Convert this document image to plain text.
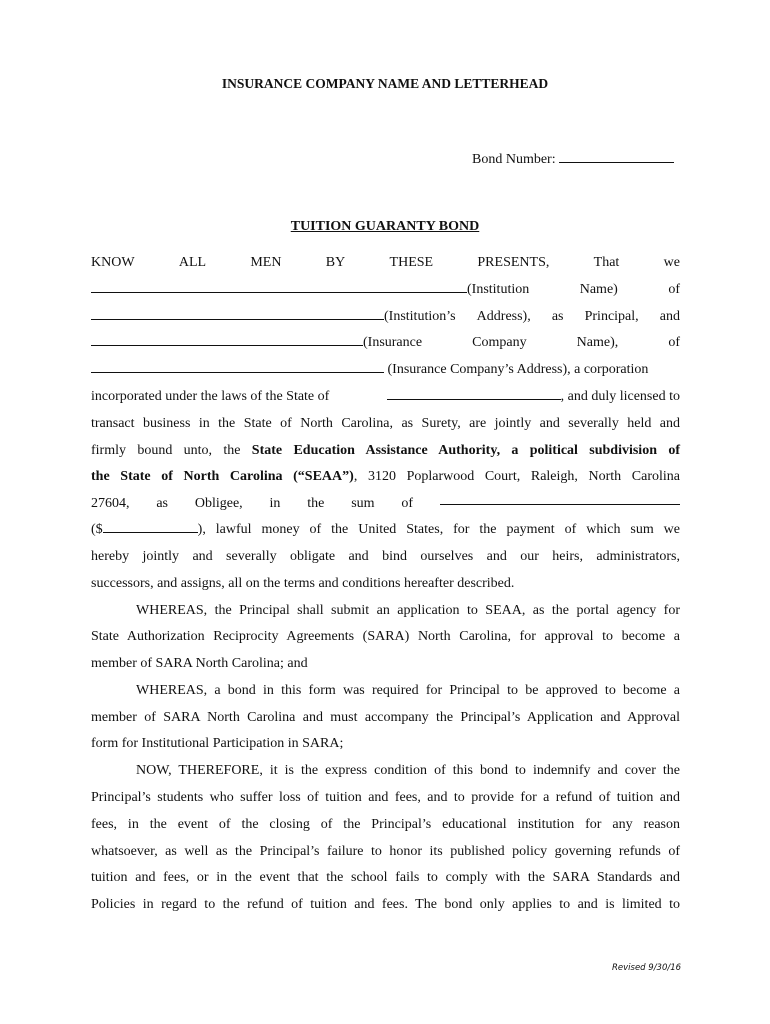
INSURANCE COMPANY NAME AND LETTERHEAD
Bond Number:
TUITION GUARANTY BOND
KNOW	ALL	MEN	BY	THESE	PRESENTS,	That	we
(Institution	Name)	of
(Institution’s Address), as Principal, and
(Insurance	Company	Name),	of
(Insurance Company’s Address), a corporation
incorporated under the laws of the State of	, and duly licensed to
transact business in the State of North Carolina, as Surety, are jointly and severally held and
firmly bound unto, the State Education Assistance Authority, a political subdivision of
the State of North Carolina (“SEAA”), 3120 Poplarwood Court, Raleigh, North Carolina
27604, as Obligee, in the sum of
($	), lawful money of the United States, for the payment of which sum we
hereby jointly and severally obligate and bind ourselves and our heirs, administrators,
successors, and assigns, all on the terms and conditions hereafter described.
WHEREAS, the Principal shall submit an application to SEAA, as the portal agency for
State Authorization Reciprocity Agreements (SARA) North Carolina, for approval to become a
member of SARA North Carolina; and
WHEREAS, a bond in this form was required for Principal to be approved to become a
member of SARA North Carolina and must accompany the Principal’s Application and Approval
form for Institutional Participation in SARA;
NOW, THEREFORE, it is the express condition of this bond to indemnify and cover the
Principal’s students who suffer loss of tuition and fees, and to provide for a refund of tuition and
fees, in the event of the closing of the Principal’s educational institution for any reason
whatsoever, as well as the Principal’s failure to honor its published policy governing refunds of
tuition and fees, or in the event that the school fails to comply with the SARA Standards and
Policies in regard to the refund of tuition and fees. The bond only applies to and is limited to
Revised 9/30/16
